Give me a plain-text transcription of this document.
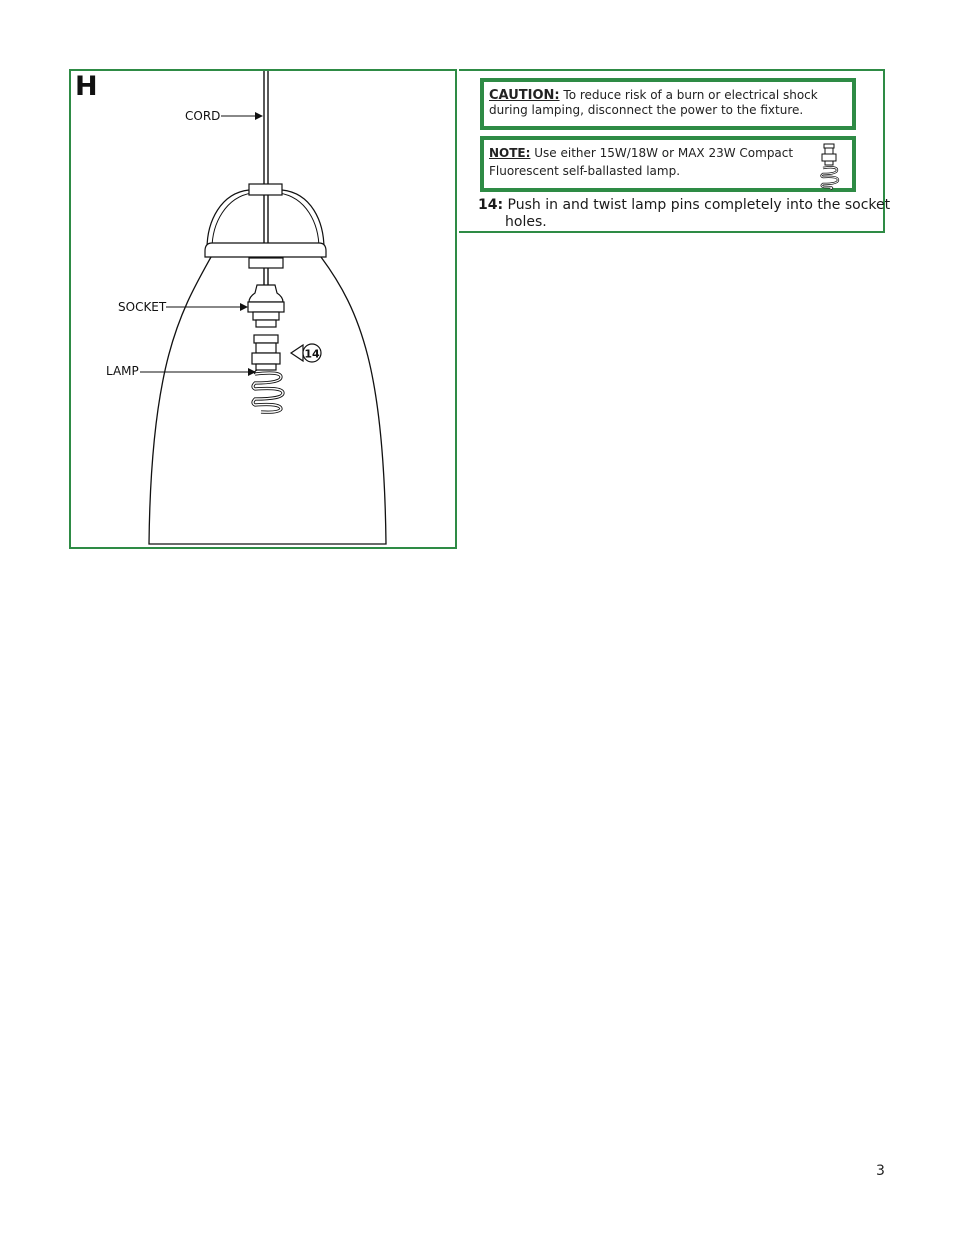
14
H
CORD
SOCKET
LAMP
CAUTION: To reduce risk of a burn or electrical shock during lamping, disconnect the power to the fixture.
NOTE: Use either 15W/18W or MAX 23W Compact
Fluorescent self-ballasted lamp.
14: Push in and twist lamp pins completely into the socket holes.
3
